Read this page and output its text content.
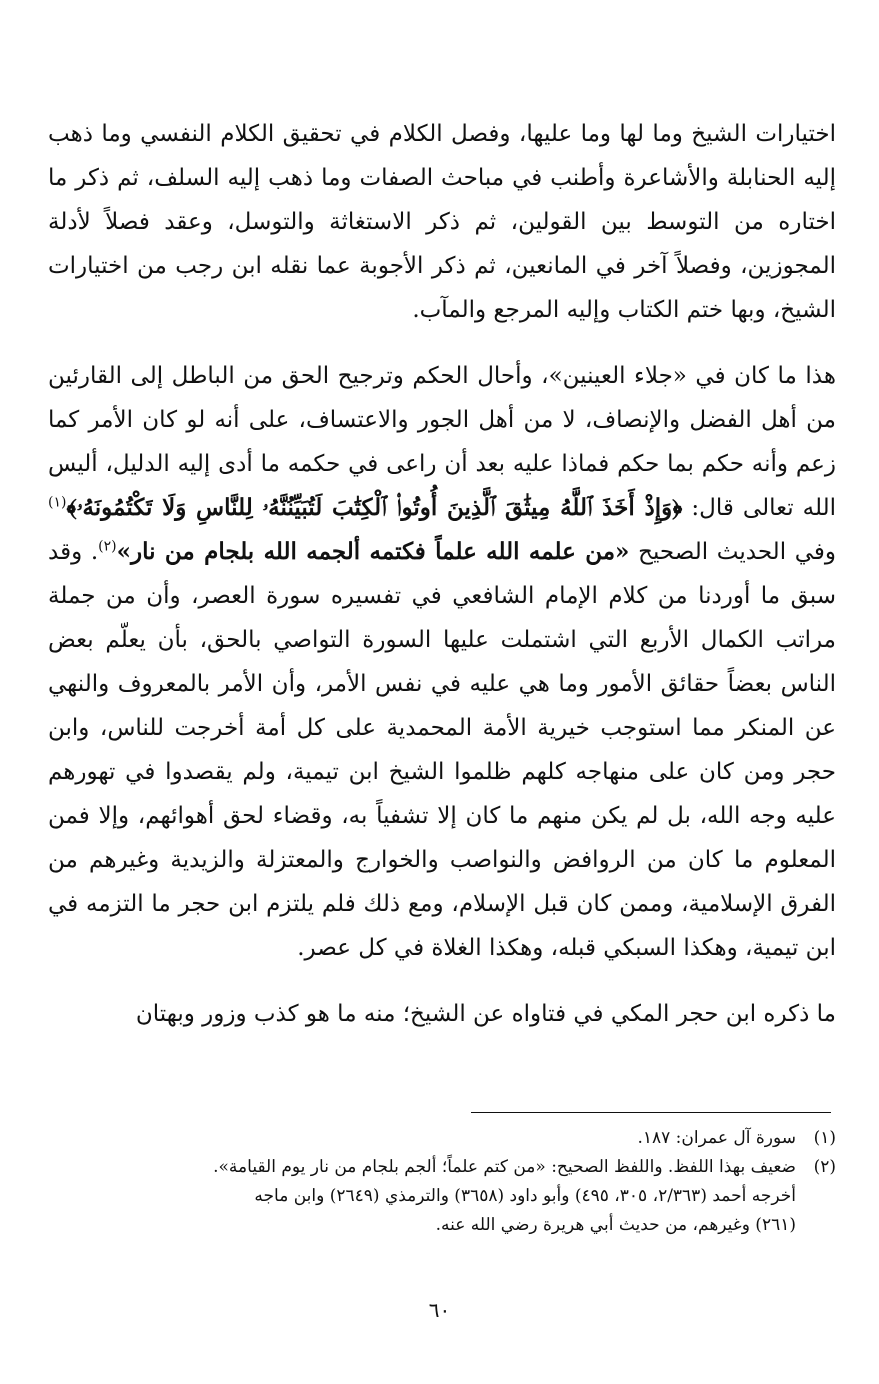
اختيارات الشيخ وما لها وما عليها، وفصل الكلام في تحقيق الكلام النفسي وما ذهب إليه الحنابلة والأشاعرة وأطنب في مباحث الصفات وما ذهب إليه السلف، ثم ذكر ما اختاره من التوسط بين القولين، ثم ذكر الاستغاثة والتوسل، وعقد فصلاً لأدلة المجوزين، وفصلاً آخر في المانعين، ثم ذكر الأجوبة عما نقله ابن رجب من اختيارات الشيخ، وبها ختم الكتاب وإليه المرجع والمآب.

هذا ما كان في «جلاء العينين»، وأحال الحكم وترجيح الحق من الباطل إلى القارئين من أهل الفضل والإنصاف، لا من أهل الجور والاعتساف، على أنه لو كان الأمر كما زعم وأنه حكم بما حكم فماذا عليه بعد أن راعى في حكمه ما أدى إليه الدليل، أليس الله تعالى قال: ﴿وَإِذْ أَخَذَ ٱللَّهُ مِيثَٰقَ ٱلَّذِينَ أُوتُوا۟ ٱلْكِتَٰبَ لَتُبَيِّنُنَّهُۥ لِلنَّاسِ وَلَا تَكْتُمُونَهُۥ﴾$^{(١)}$ وفي الحديث الصحيح «من علمه الله علماً فكتمه ألجمه الله بلجام من نار»$^{(٢)}$. وقد سبق ما أوردنا من كلام الإمام الشافعي في تفسيره سورة العصر، وأن من جملة مراتب الكمال الأربع التي اشتملت عليها السورة التواصي بالحق، بأن يعلّم بعض الناس بعضاً حقائق الأمور وما هي عليه في نفس الأمر، وأن الأمر بالمعروف والنهي عن المنكر مما استوجب خيرية الأمة المحمدية على كل أمة أخرجت للناس، وابن حجر ومن كان على منهاجه كلهم ظلموا الشيخ ابن تيمية، ولم يقصدوا في تهورهم عليه وجه الله، بل لم يكن منهم ما كان إلا تشفياً به، وقضاء لحق أهوائهم، وإلا فمن المعلوم ما كان من الروافض والنواصب والخوارج والمعتزلة والزيدية وغيرهم من الفرق الإسلامية، وممن كان قبل الإسلام، ومع ذلك فلم يلتزم ابن حجر ما التزمه في ابن تيمية، وهكذا السبكي قبله، وهكذا الغلاة في كل عصر.

ما ذكره ابن حجر المكي في فتاواه عن الشيخ؛ منه ما هو كذب وزور وبهتان

(١)
سورة آل عمران: ١٨٧.
(٢)
ضعيف بهذا اللفظ. واللفظ الصحيح: «من كتم علماً؛ ألجم بلجام من نار يوم القيامة».
أخرجه أحمد (٢/٣٦٣، ٣٠٥، ٤٩٥) وأبو داود (٣٦٥٨) والترمذي (٢٦٤٩) وابن ماجه
(٢٦١) وغيرهم، من حديث أبي هريرة رضي الله عنه.
٦٠
